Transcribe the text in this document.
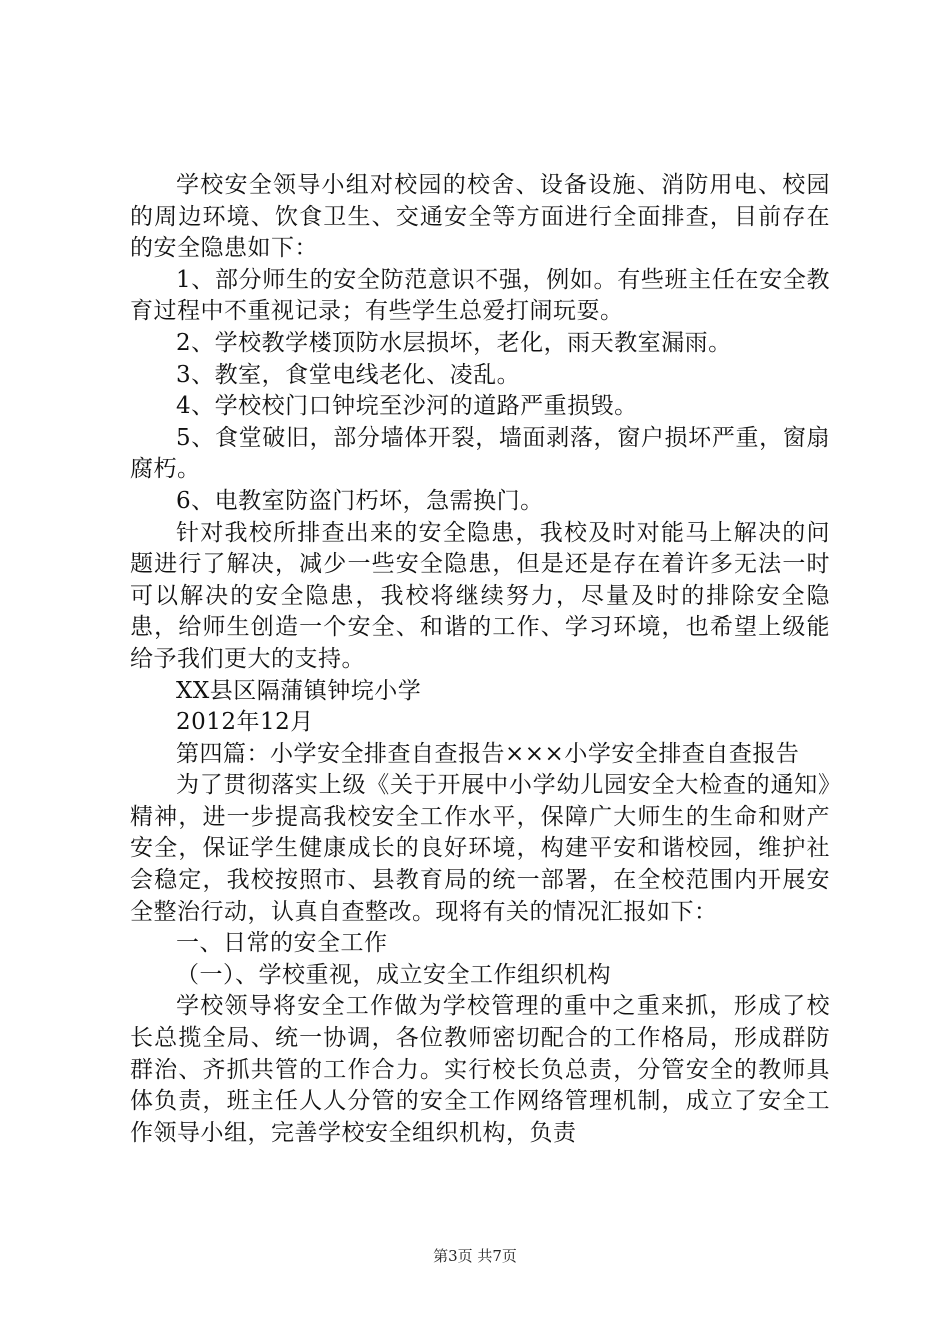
学校安全领导小组对校园的校舍、设备设施、消防用电、校园的周边环境、饮食卫生、交通安全等方面进行全面排查，目前存在的安全隐患如下：

1、部分师生的安全防范意识不强，例如。有些班主任在安全教育过程中不重视记录；有些学生总爱打闹玩耍。

2、学校教学楼顶防水层损坏，老化，雨天教室漏雨。

3、教室，食堂电线老化、凌乱。

4、学校校门口钟垸至沙河的道路严重损毁。

5、食堂破旧，部分墙体开裂，墙面剥落，窗户损坏严重，窗扇腐朽。

6、电教室防盗门朽坏，急需换门。

针对我校所排查出来的安全隐患，我校及时对能马上解决的问题进行了解决，减少一些安全隐患，但是还是存在着许多无法一时可以解决的安全隐患，我校将继续努力，尽量及时的排除安全隐患，给师生创造一个安全、和谐的工作、学习环境，也希望上级能给予我们更大的支持。

XX县区隔蒲镇钟垸小学

2012年12月

第四篇：小学安全排查自查报告×××小学安全排查自查报告

为了贯彻落实上级《关于开展中小学幼儿园安全大检查的通知》精神，进一步提高我校安全工作水平，保障广大师生的生命和财产安全，保证学生健康成长的良好环境，构建平安和谐校园，维护社会稳定，我校按照市、县教育局的统一部署，在全校范围内开展安全整治行动，认真自查整改。现将有关的情况汇报如下：

一、日常的安全工作

（一）、学校重视，成立安全工作组织机构

学校领导将安全工作做为学校管理的重中之重来抓，形成了校长总揽全局、统一协调，各位教师密切配合的工作格局，形成群防群治、齐抓共管的工作合力。实行校长负总责，分管安全的教师具体负责，班主任人人分管的安全工作网络管理机制，成立了安全工作领导小组，完善学校安全组织机构，负责

第3页 共7页
